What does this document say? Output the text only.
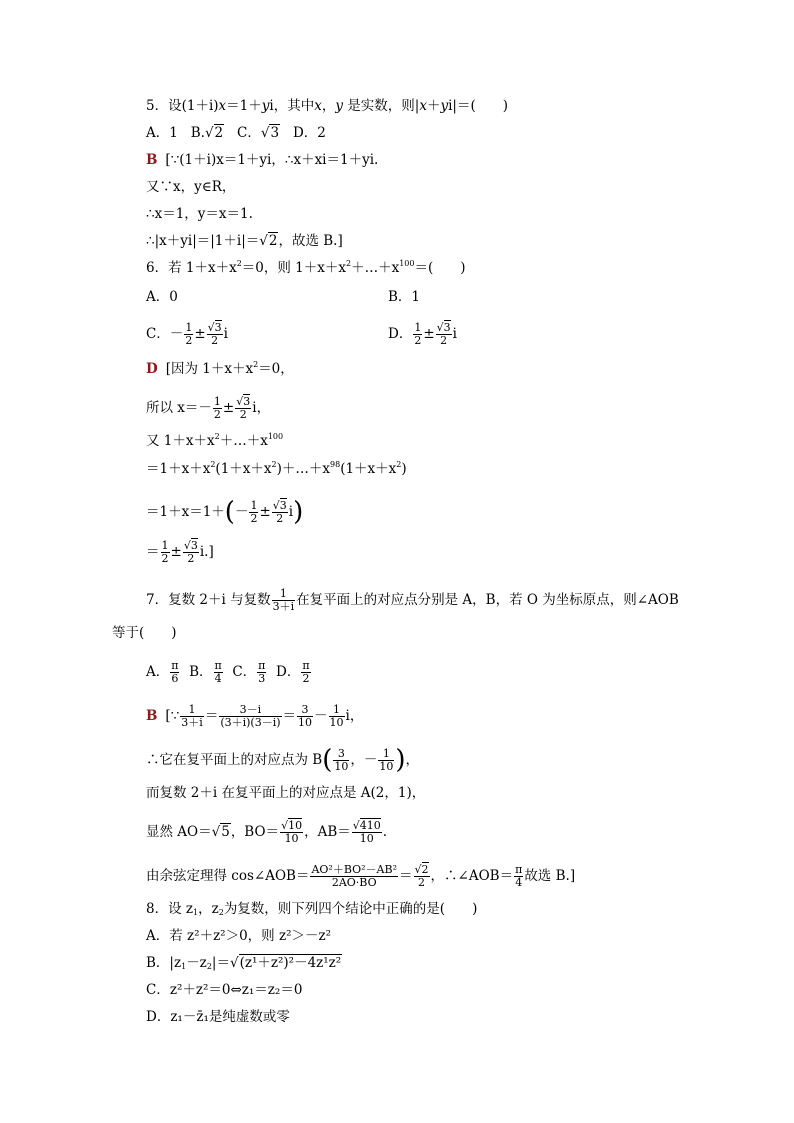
5．设(1＋i)x＝1＋yi，其中x，y 是实数，则|x＋yi|＝(　　)
A．1 B.√2 C．√3 D．2
B [∵(1＋i)x＝1＋yi，∴x＋xi＝1＋yi.
又∵x，y∈R，
∴x＝1，y＝x＝1.
∴|x＋yi|＝|1＋i|＝√2，故选 B.]
6．若 $1+x+x^2=0$，则 $1+x+x^2+\dots+x^{100}=$(　　)
A．0	B．1
C．－ $\frac{1}{2} \pm \frac{√3}{2}$ i	D． $\frac{1}{2} \pm \frac{√3}{2}$ i
D [因为 $1+x+x^2=0$，
所以 $x=- \frac{1}{2} \pm \frac{√3}{2}$ i，
又 $1+x+x^2+\dots+x^{100}$
$=1+x+x^2(1+x+x^2)+\dots+x^{98}(1+x+x^2)$
$=1+x=1+(- \frac{1}{2} \pm \frac{√3}{2} i)$
＝ $\frac{1}{2} \pm \frac{√3}{2} i$.]
7．复数 2＋i 与复数 $\frac{1}{3+i}$ 在复平面上的对应点分别是 A，B，若 O 为坐标原点，则∠AOB
等于(　　)
A． $\frac{\pi}{6}$ B． $\frac{\pi}{4}$ C． $\frac{\pi}{3}$ D． $\frac{\pi}{2}$
B [∵ $\frac{1}{3+i} = \frac{3-i}{(3+i)(3-i)} = \frac{3}{10} - \frac{1}{10}$ i，
∴它在复平面上的对应点为 $B( \frac{3}{10}$ ，－ $\frac{1}{10}$ )，
而复数 2＋i 在复平面上的对应点是 A(2，1)，
显然 AO＝√5，$BO= \frac{√10}{10}$ ，$AB= \frac{√410}{10}$ .
由余弦定理得 cos∠AOB＝ $\frac{\text{AO²＋BO²－AB²}}{2AO\cdot BO} = \frac{√2}{2}$ ，∴∠AOB＝ $\frac{\pi}{4}$ 故选 B.]
8．设 $z_1$，$z_2$为复数，则下列四个结论中正确的是(　　)
A．若 z²＋z²＞0，则 z²＞－z²
B．$|z_1-z_2|=√(z^1+z^2)^2-4z^1z^2$
C．z²＋z²＝0⇔z₁＝z₂＝0
D．z₁－z̄₁是纯虚数或零
